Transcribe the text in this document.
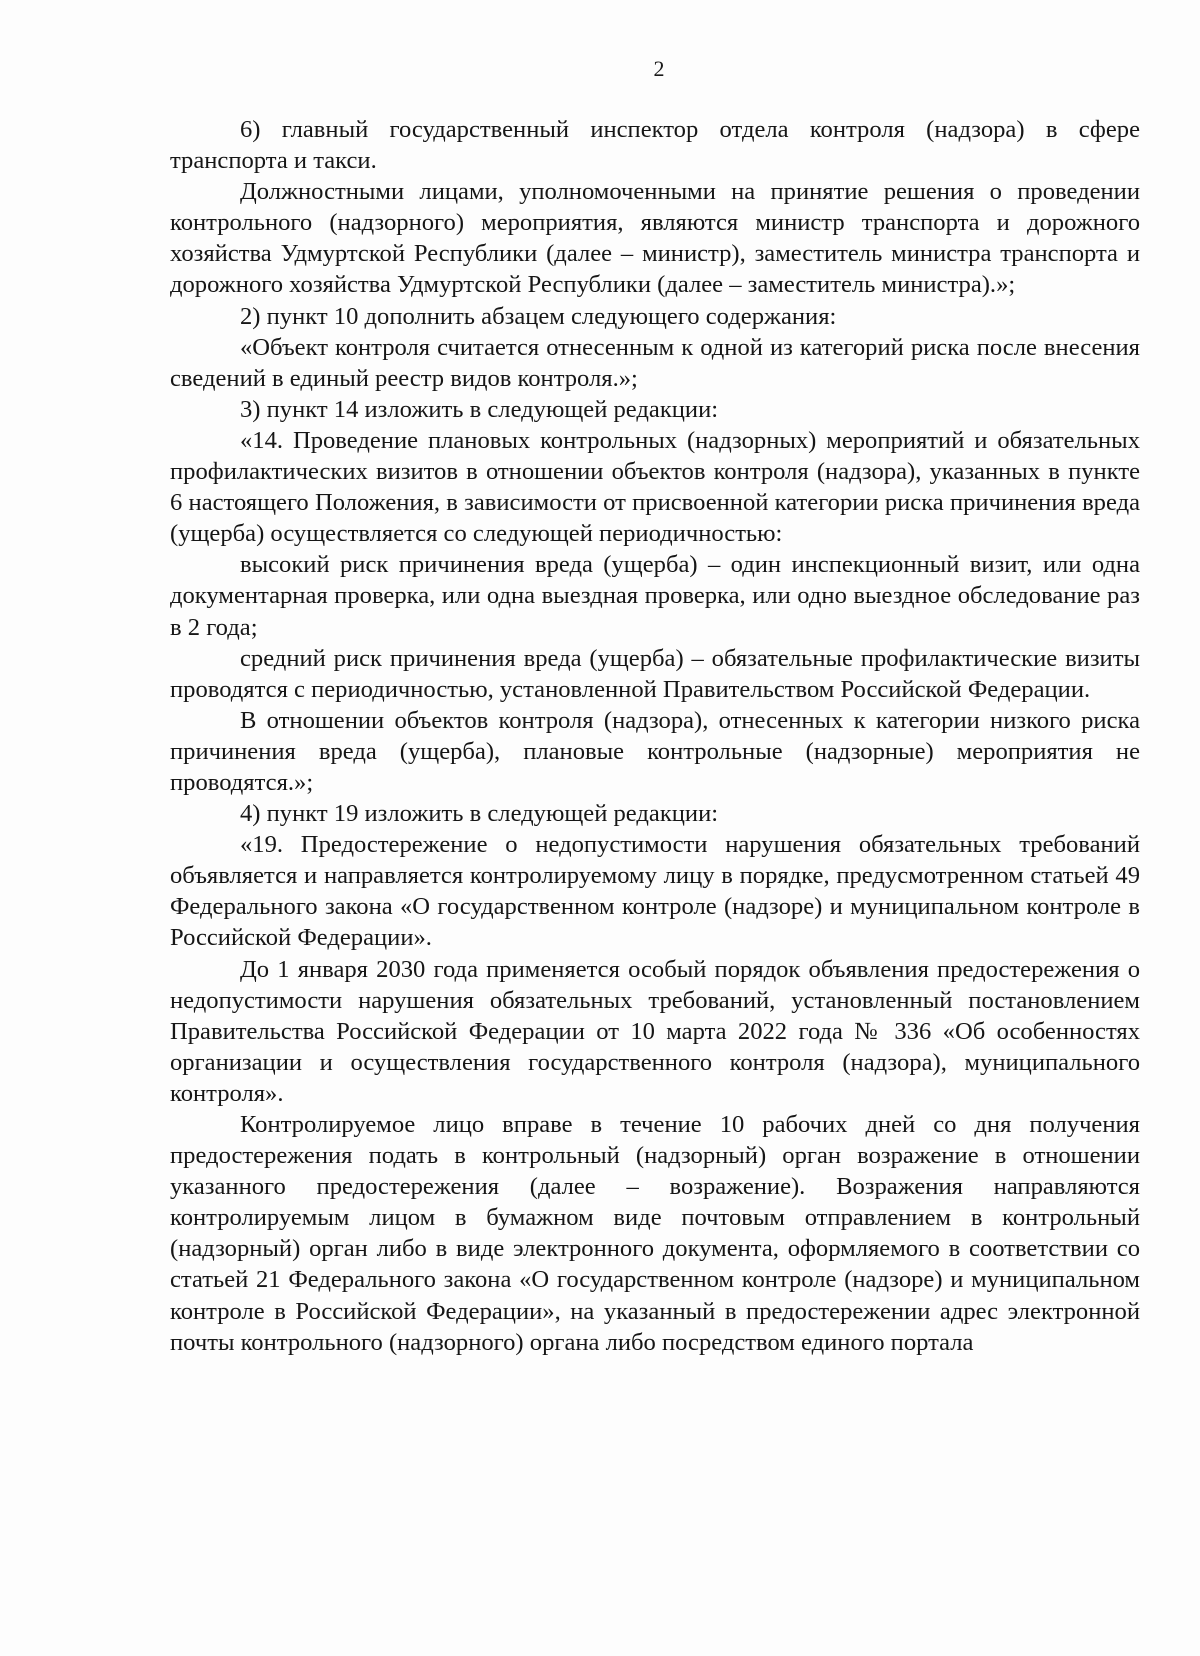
2

6) главный государственный инспектор отдела контроля (надзора) в сфере транспорта и такси.

Должностными лицами, уполномоченными на принятие решения о проведении контрольного (надзорного) мероприятия, являются министр транспорта и дорожного хозяйства Удмуртской Республики (далее – министр), заместитель министра транспорта и дорожного хозяйства Удмуртской Республики (далее – заместитель министра).»;

2) пункт 10 дополнить абзацем следующего содержания:

«Объект контроля считается отнесенным к одной из категорий риска после внесения сведений в единый реестр видов контроля.»;

3) пункт 14 изложить в следующей редакции:

«14. Проведение плановых контрольных (надзорных) мероприятий и обязательных профилактических визитов в отношении объектов контроля (надзора), указанных в пункте 6 настоящего Положения, в зависимости от присвоенной категории риска причинения вреда (ущерба) осуществляется со следующей периодичностью:

высокий риск причинения вреда (ущерба) – один инспекционный визит, или одна документарная проверка, или одна выездная проверка, или одно выездное обследование раз в 2 года;

средний риск причинения вреда (ущерба) – обязательные профилактические визиты проводятся с периодичностью, установленной Правительством Российской Федерации.

В отношении объектов контроля (надзора), отнесенных к категории низкого риска причинения вреда (ущерба), плановые контрольные (надзорные) мероприятия не проводятся.»;

4) пункт 19 изложить в следующей редакции:

«19. Предостережение о недопустимости нарушения обязательных требований объявляется и направляется контролируемому лицу в порядке, предусмотренном статьей 49 Федерального закона «О государственном контроле (надзоре) и муниципальном контроле в Российской Федерации».

До 1 января 2030 года применяется особый порядок объявления предостережения о недопустимости нарушения обязательных требований, установленный постановлением Правительства Российской Федерации от 10 марта 2022 года № 336 «Об особенностях организации и осуществления государственного контроля (надзора), муниципального контроля».

Контролируемое лицо вправе в течение 10 рабочих дней со дня получения предостережения подать в контрольный (надзорный) орган возражение в отношении указанного предостережения (далее – возражение). Возражения направляются контролируемым лицом в бумажном виде почтовым отправлением в контрольный (надзорный) орган либо в виде электронного документа, оформляемого в соответствии со статьей 21 Федерального закона «О государственном контроле (надзоре) и муниципальном контроле в Российской Федерации», на указанный в предостережении адрес электронной почты контрольного (надзорного) органа либо посредством единого портала
